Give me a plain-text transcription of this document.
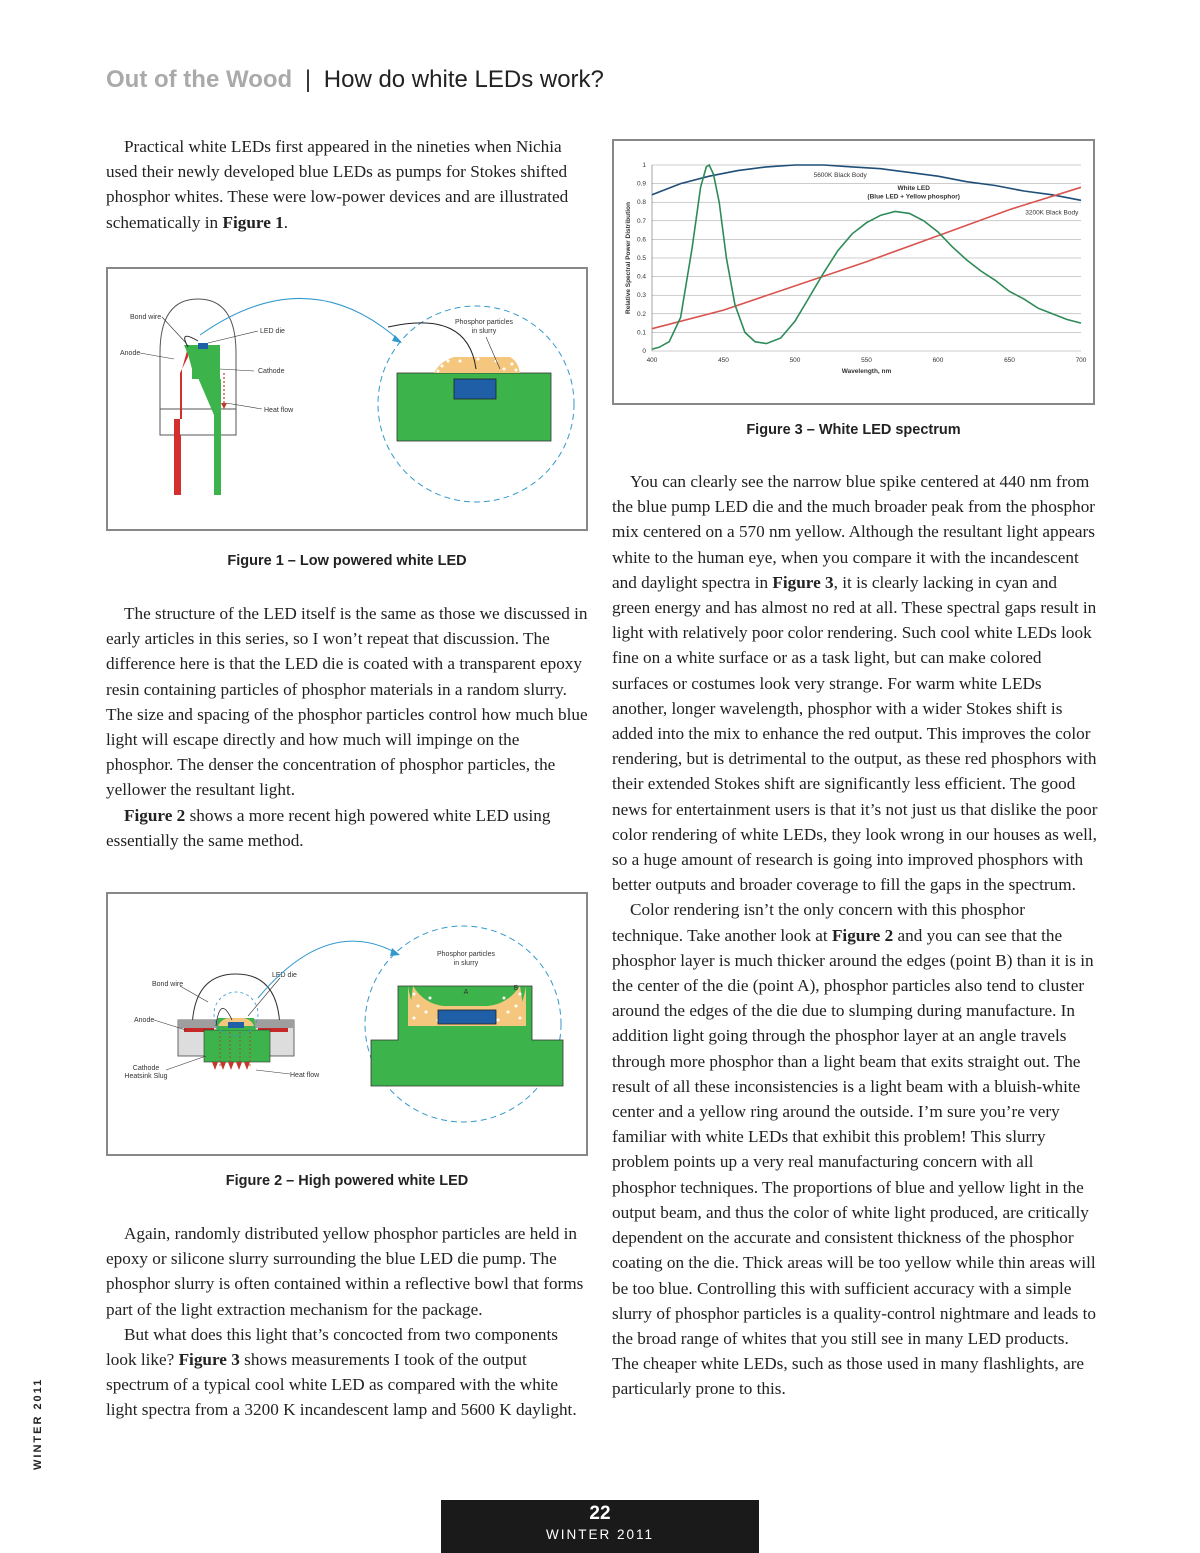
Out of the Wood | How do white LEDs work?

Practical white LEDs first appeared in the nineties when Nichia used their newly developed blue LEDs as pumps for Stokes shifted phosphor whites. These were low-power devices and are illustrated schematically in Figure 1.

Bond wire
Anode
LED die
Cathode
Heat flow
Phosphor particles
in slurry
Figure 1 – Low powered white LED

The structure of the LED itself is the same as those we discussed in early articles in this series, so I won’t repeat that discussion. The difference here is that the LED die is coated with a transparent epoxy resin containing particles of phosphor materials in a random slurry. The size and spacing of the phosphor particles control how much blue light will escape directly and how much will impinge on the phosphor. The denser the concentration of phosphor particles, the yellower the resultant light.

Figure 2 shows a more recent high powered white LED using essentially the same method.

Bond wire
Anode
LED die
Cathode
Heatsink Slug	Heat flow
Phosphor particles
in slurry
A
B
Figure 2 – High powered white LED

Again, randomly distributed yellow phosphor particles are held in epoxy or silicone slurry surrounding the blue LED die pump. The phosphor slurry is often contained within a reflective bowl that forms part of the light extraction mechanism for the package.

But what does this light that’s concocted from two components look like? Figure 3 shows measurements I took of the output spectrum of a typical cool white LED as compared with the white light spectra from a 3200 K incandescent lamp and 5600 K daylight.

0
0.1
0.2
0.3
0.4
0.5
0.6
0.7
0.8
0.9
1
400	450	500	550	600	650	700
Wavelength, nm
Relative Spectral Power Distribution
5600K Black Body
White LED
(Blue LED + Yellow phosphor)
3200K Black Body
Figure 3 – White LED spectrum

You can clearly see the narrow blue spike centered at 440 nm from the blue pump LED die and the much broader peak from the phosphor mix centered on a 570 nm yellow. Although the resultant light appears white to the human eye, when you compare it with the incandescent and daylight spectra in Figure 3, it is clearly lacking in cyan and green energy and has almost no red at all. These spectral gaps result in light with relatively poor color rendering. Such cool white LEDs look fine on a white surface or as a task light, but can make colored surfaces or costumes look very strange. For warm white LEDs another, longer wavelength, phosphor with a wider Stokes shift is added into the mix to enhance the red output. This improves the color rendering, but is detrimental to the output, as these red phosphors with their extended Stokes shift are significantly less efficient. The good news for entertainment users is that it’s not just us that dislike the poor color rendering of white LEDs, they look wrong in our houses as well, so a huge amount of research is going into improved phosphors with better outputs and broader coverage to fill the gaps in the spectrum.

Color rendering isn’t the only concern with this phosphor technique. Take another look at Figure 2 and you can see that the phosphor layer is much thicker around the edges (point B) than it is in the center of the die (point A), phosphor particles also tend to cluster around the edges of the die due to slumping during manufacture. In addition light going through the phosphor layer at an angle travels through more phosphor than a light beam that exits straight out. The result of all these inconsistencies is a light beam with a bluish-white center and a yellow ring around the outside. I’m sure you’re very familiar with white LEDs that exhibit this problem! This slurry problem points up a very real manufacturing concern with all phosphor techniques. The proportions of blue and yellow light in the output beam, and thus the color of white light produced, are critically dependent on the accurate and consistent thickness of the phosphor coating on the die. Thick areas will be too yellow while thin areas will be too blue. Controlling this with sufficient accuracy with a simple slurry of phosphor particles is a quality-control nightmare and leads to the broad range of whites that you still see in many LED products. The cheaper white LEDs, such as those used in many flashlights, are particularly prone to this.

WINTER 2011
22
WINTER 2011
